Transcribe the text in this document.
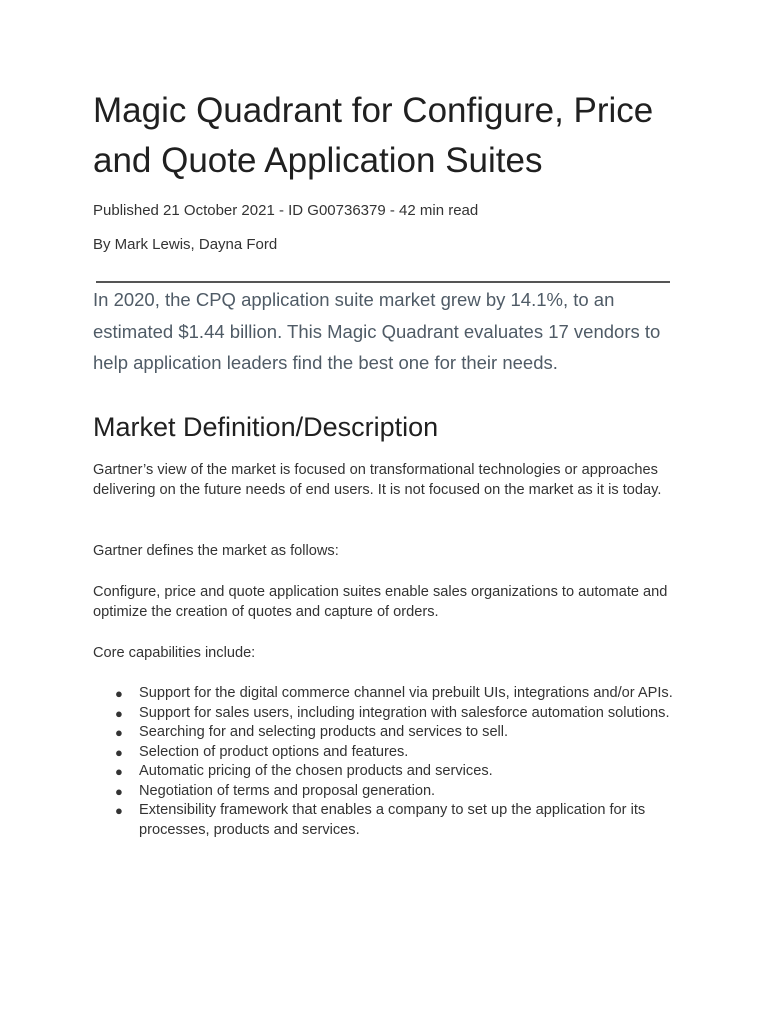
Magic Quadrant for Configure, Price and Quote Application Suites

Published 21 October 2021 - ID G00736379 - 42 min read

By Mark Lewis, Dayna Ford

In 2020, the CPQ application suite market grew by 14.1%, to an estimated $1.44 billion. This Magic Quadrant evaluates 17 vendors to help application leaders find the best one for their needs.

Market Definition/Description

Gartner’s view of the market is focused on transformational technologies or approaches delivering on the future needs of end users. It is not focused on the market as it is today.

Gartner defines the market as follows:

Configure, price and quote application suites enable sales organizations to automate and optimize the creation of quotes and capture of orders.

Core capabilities include:

● Support for the digital commerce channel via prebuilt UIs, integrations and/or APIs.
● Support for sales users, including integration with salesforce automation solutions.
● Searching for and selecting products and services to sell.
● Selection of product options and features.
● Automatic pricing of the chosen products and services.
● Negotiation of terms and proposal generation.
● Extensibility framework that enables a company to set up the application for its processes, products and services.
